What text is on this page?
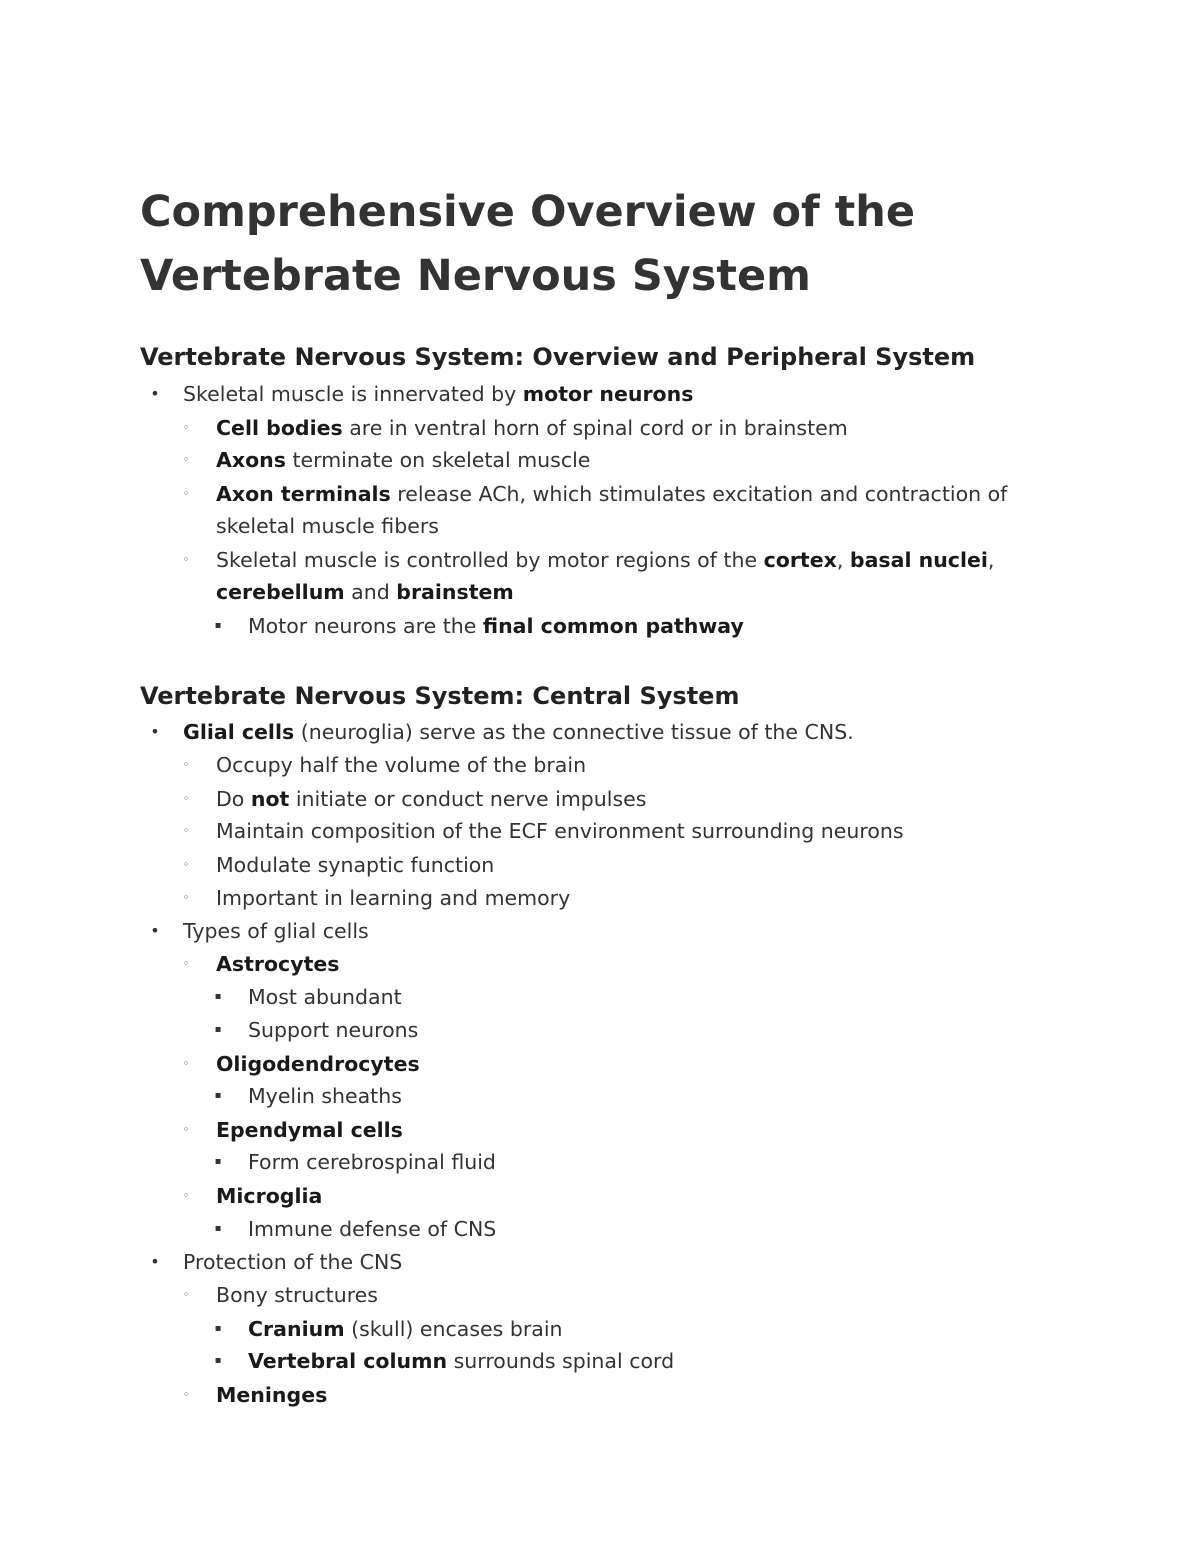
Comprehensive Overview of the Vertebrate Nervous System
Vertebrate Nervous System: Overview and Peripheral System
• Skeletal muscle is innervated by motor neurons
◦	Cell bodies are in ventral horn of spinal cord or in brainstem
◦	Axons terminate on skeletal muscle
◦	Axon terminals release ACh, which stimulates excitation and contraction of skeletal muscle fibers
◦	Skeletal muscle is controlled by motor regions of the cortex, basal nuclei, cerebellum and brainstem
▪	Motor neurons are the final common pathway
Vertebrate Nervous System: Central System
• Glial cells (neuroglia) serve as the connective tissue of the CNS.
◦	Occupy half the volume of the brain
◦	Do not initiate or conduct nerve impulses
◦	Maintain composition of the ECF environment surrounding neurons
◦	Modulate synaptic function
◦	Important in learning and memory
• Types of glial cells
◦	Astrocytes
▪	Most abundant
▪	Support neurons
◦	Oligodendrocytes
▪	Myelin sheaths
◦	Ependymal cells
▪	Form cerebrospinal fluid
◦	Microglia
▪	Immune defense of CNS
• Protection of the CNS
◦	Bony structures
▪	Cranium (skull) encases brain
▪	Vertebral column surrounds spinal cord
◦	Meninges
